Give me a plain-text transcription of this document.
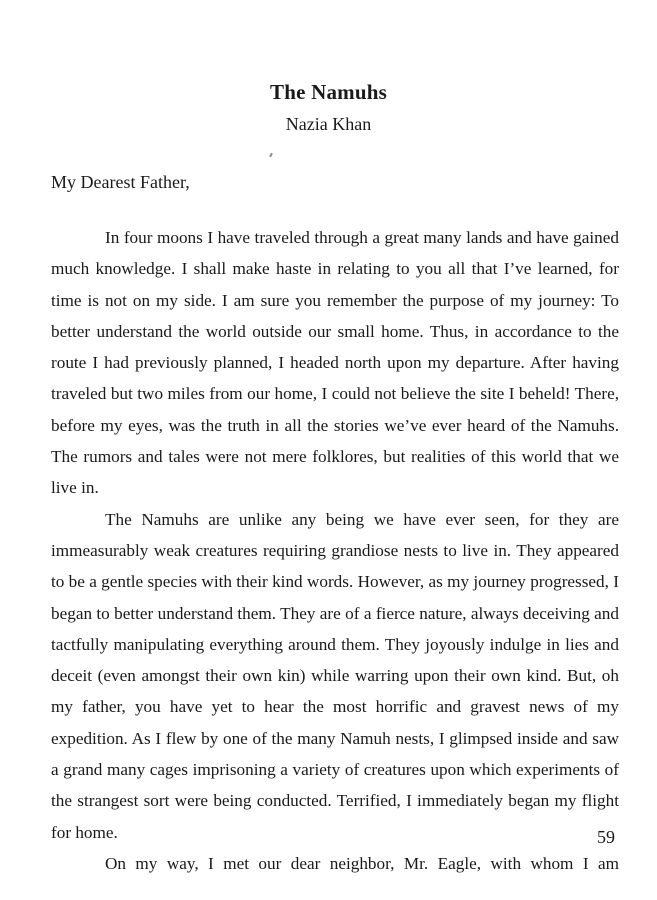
The Namuhs
Nazia Khan
My Dearest Father,

In four moons I have traveled through a great many lands and have gained much knowledge. I shall make haste in relating to you all that I’ve learned, for time is not on my side. I am sure you remember the purpose of my journey: To better understand the world outside our small home. Thus, in accordance to the route I had previously planned, I headed north upon my departure. After having traveled but two miles from our home, I could not believe the site I beheld! There, before my eyes, was the truth in all the stories we’ve ever heard of the Namuhs. The rumors and tales were not mere folklores, but realities of this world that we live in.

The Namuhs are unlike any being we have ever seen, for they are immeasurably weak creatures requiring grandiose nests to live in. They appeared to be a gentle species with their kind words. However, as my journey progressed, I began to better understand them. They are of a fierce nature, always deceiving and tactfully manipulating everything around them. They joyously indulge in lies and deceit (even amongst their own kin) while warring upon their own kind. But, oh my father, you have yet to hear the most horrific and gravest news of my expedition. As I flew by one of the many Namuh nests, I glimpsed inside and saw a grand many cages imprisoning a variety of creatures upon which experiments of the strangest sort were being conducted. Terrified, I immediately began my flight for home.

On my way, I met our dear neighbor, Mr. Eagle, with whom I am

59
